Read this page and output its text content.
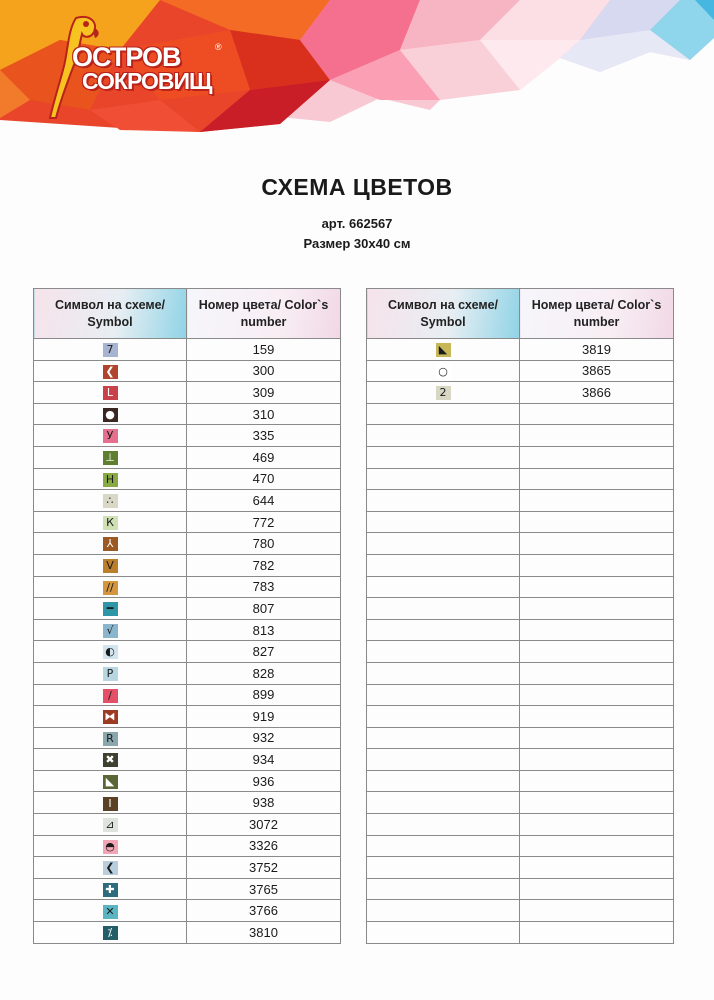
ОСТРОВ	®
СОКРОВИЩ
СХЕМА ЦВЕТОВ
арт. 662567
Размер 30х40 см
Символ на схеме/ Symbol	Номер цвета/ Color`s number
7	159
❮	300
L	309
●	310
У	335
⊥	469
Н	470
∴	644
К	772
⅄	780
V	782
//	783
━	807
√	813
◐	827
Р	828
/	899
⧓	919
R	932
✖	934
◣	936
I	938
⊿	3072
◓	3326
❮	3752
✚	3765
✕	3766
⁒	3810
Символ на схеме/ Symbol	Номер цвета/ Color`s number
◣	3819
○	3865
2	3866
